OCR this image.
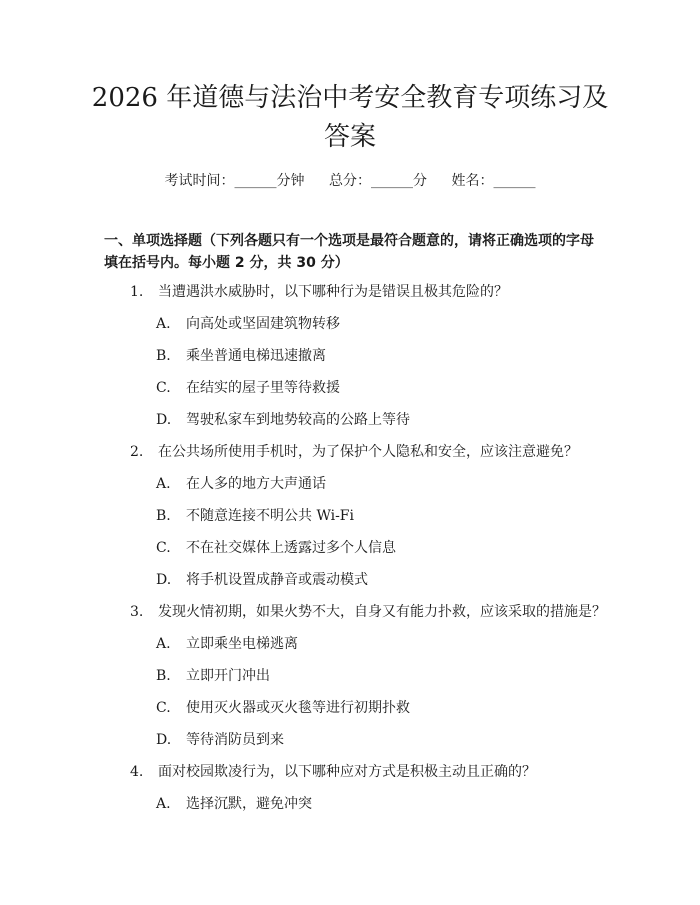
2026 年道德与法治中考安全教育专项练习及
答案
考试时间：______分钟 总分：______分 姓名：______

一、单项选择题（下列各题只有一个选项是最符合题意的，请将正确选项的字母填在括号内。每小题 2 分，共 30 分）

1.	当遭遇洪水威胁时，以下哪种行为是错误且极其危险的？
A. 向高处或坚固建筑物转移
B. 乘坐普通电梯迅速撤离
C. 在结实的屋子里等待救援
D. 驾驶私家车到地势较高的公路上等待
2.	在公共场所使用手机时，为了保护个人隐私和安全，应该注意避免？
A. 在人多的地方大声通话
B. 不随意连接不明公共 Wi-Fi
C. 不在社交媒体上透露过多个人信息
D. 将手机设置成静音或震动模式
3.	发现火情初期，如果火势不大，自身又有能力扑救，应该采取的措施是？
A. 立即乘坐电梯逃离
B. 立即开门冲出
C. 使用灭火器或灭火毯等进行初期扑救
D. 等待消防员到来
4.	面对校园欺凌行为，以下哪种应对方式是积极主动且正确的？
A. 选择沉默，避免冲突
